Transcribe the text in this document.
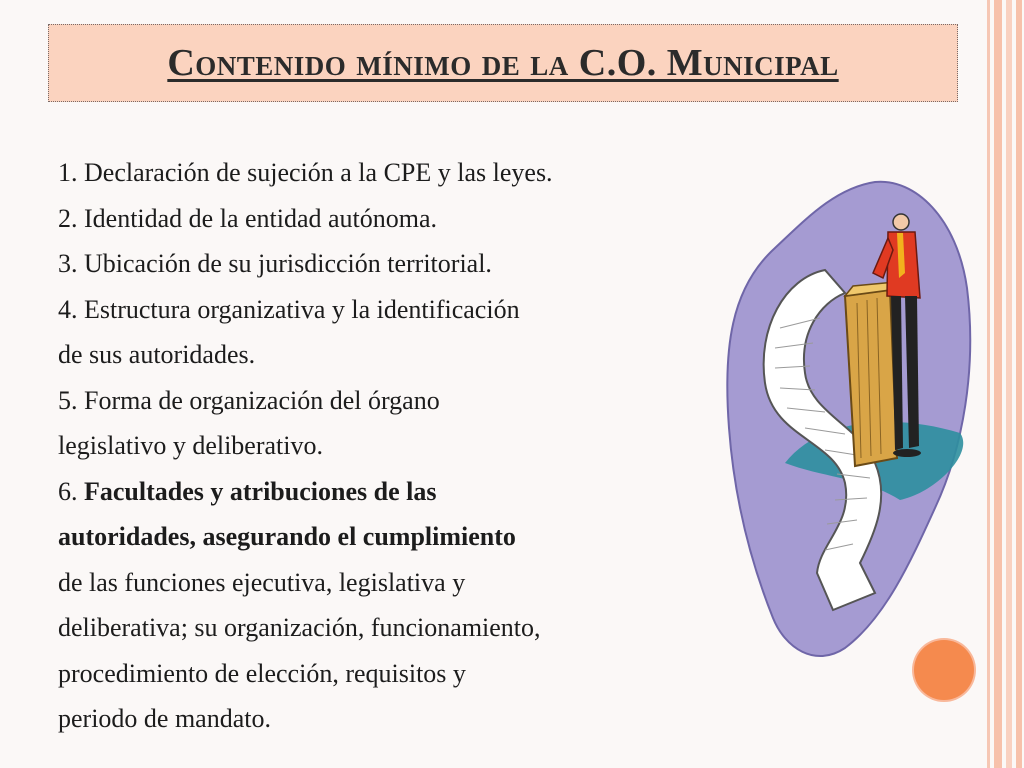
Contenido mínimo de la C.O. Municipal
1. Declaración de sujeción a la CPE y las leyes.
2. Identidad de la entidad autónoma.
3. Ubicación de su jurisdicción territorial.
4. Estructura organizativa y la identificación
de sus autoridades.
5. Forma de organización del órgano
legislativo y deliberativo.
6. Facultades y atribuciones de las
autoridades, asegurando el cumplimiento
de las funciones ejecutiva, legislativa y
deliberativa; su organización, funcionamiento,
procedimiento de elección, requisitos y
periodo de mandato.
